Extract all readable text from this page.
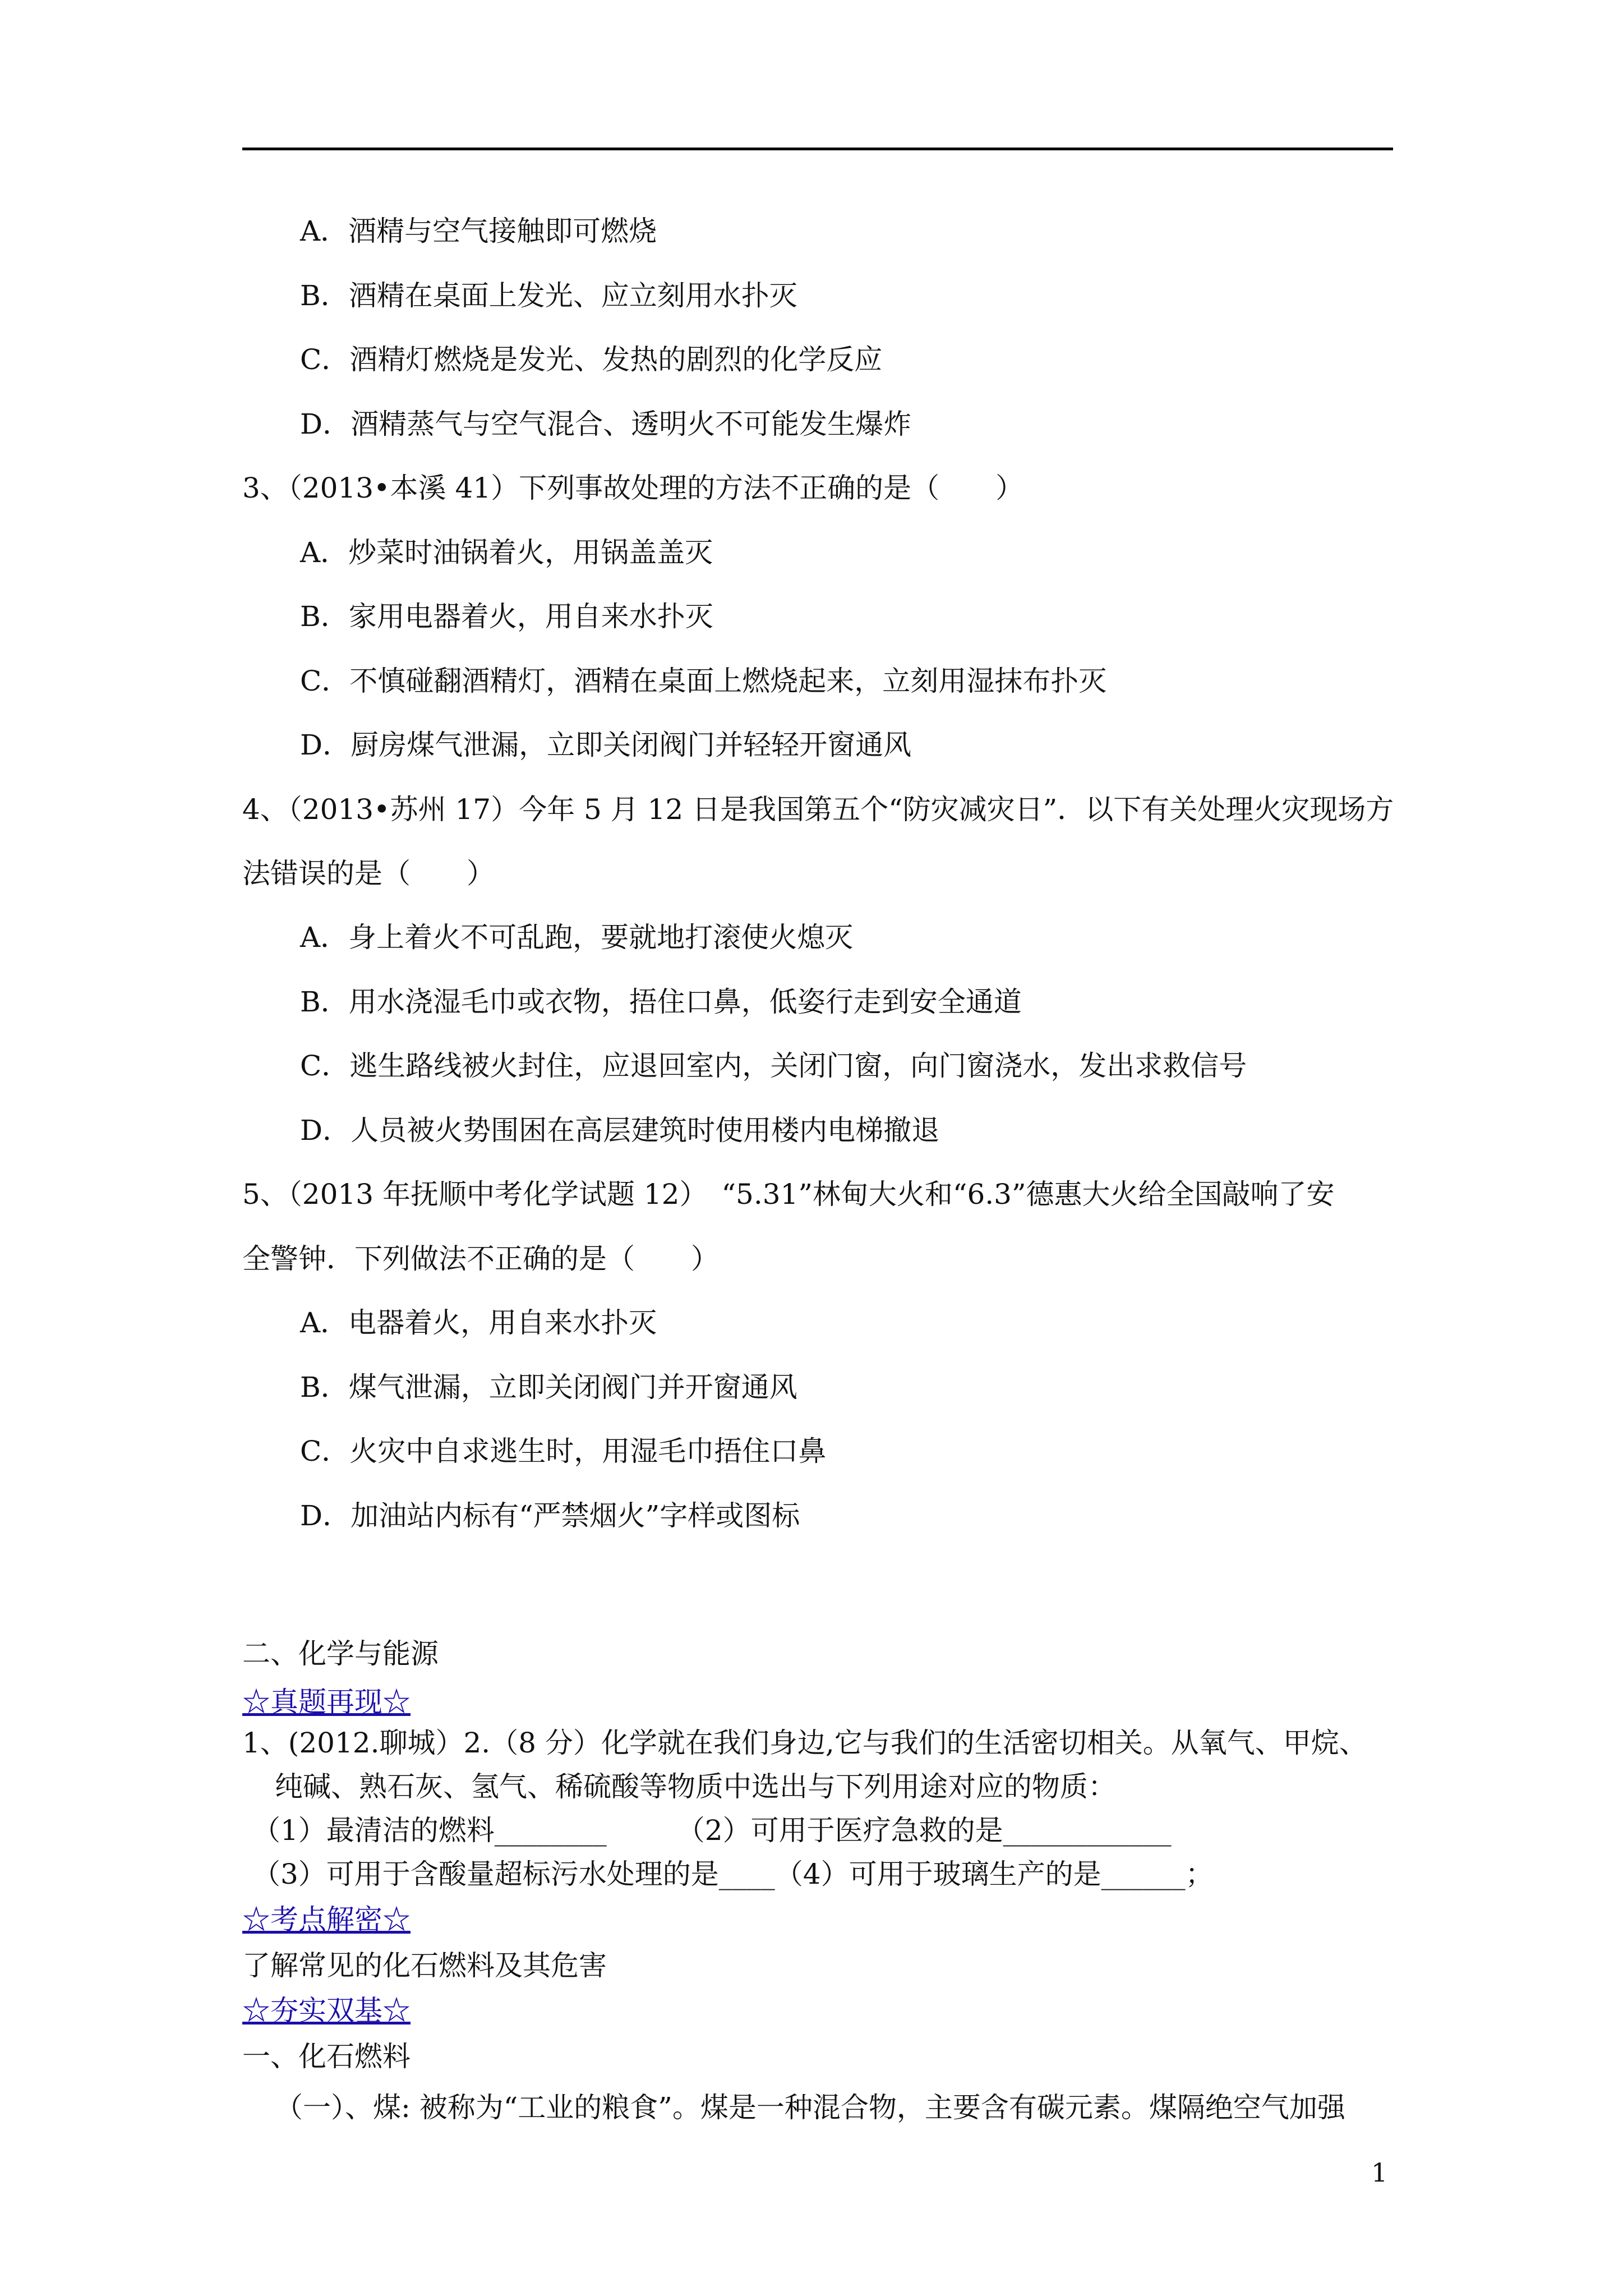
A．酒精与空气接触即可燃烧
B．酒精在桌面上发光、应立刻用水扑灭
C．酒精灯燃烧是发光、发热的剧烈的化学反应
D．酒精蒸气与空气混合、透明火不可能发生爆炸
3、（2013•本溪 41）下列事故处理的方法不正确的是（　　）
A．炒菜时油锅着火，用锅盖盖灭
B．家用电器着火，用自来水扑灭
C．不慎碰翻酒精灯，酒精在桌面上燃烧起来，立刻用湿抹布扑灭
D．厨房煤气泄漏，立即关闭阀门并轻轻开窗通风
4、（2013•苏州 17）今年 5 月 12 日是我国第五个“防灾减灾日”．以下有关处理火灾现场方
法错误的是（　　）
A．身上着火不可乱跑，要就地打滚使火熄灭
B．用水浇湿毛巾或衣物，捂住口鼻，低姿行走到安全通道
C．逃生路线被火封住，应退回室内，关闭门窗，向门窗浇水，发出求救信号
D．人员被火势围困在高层建筑时使用楼内电梯撤退
5、（2013 年抚顺中考化学试题 12）　“5.31”林甸大火和“6.3”德惠大火给全国敲响了安
全警钟．下列做法不正确的是（　　）
A．电器着火，用自来水扑灭
B．煤气泄漏，立即关闭阀门并开窗通风
C．火灾中自求逃生时，用湿毛巾捂住口鼻
D．加油站内标有“严禁烟火”字样或图标
二、化学与能源
☆真题再现☆
1、(2012.聊城）2.（8 分）化学就在我们身边,它与我们的生活密切相关。从氧气、甲烷、
纯碱、熟石灰、氢气、稀硫酸等物质中选出与下列用途对应的物质：
（1）最清洁的燃料________　　　（2）可用于医疗急救的是____________
（3）可用于含酸量超标污水处理的是____（4）可用于玻璃生产的是______；
☆考点解密☆
了解常见的化石燃料及其危害
☆夯实双基☆
一、化石燃料
（一）、煤: 被称为“工业的粮食”。煤是一种混合物，主要含有碳元素。煤隔绝空气加强
1
